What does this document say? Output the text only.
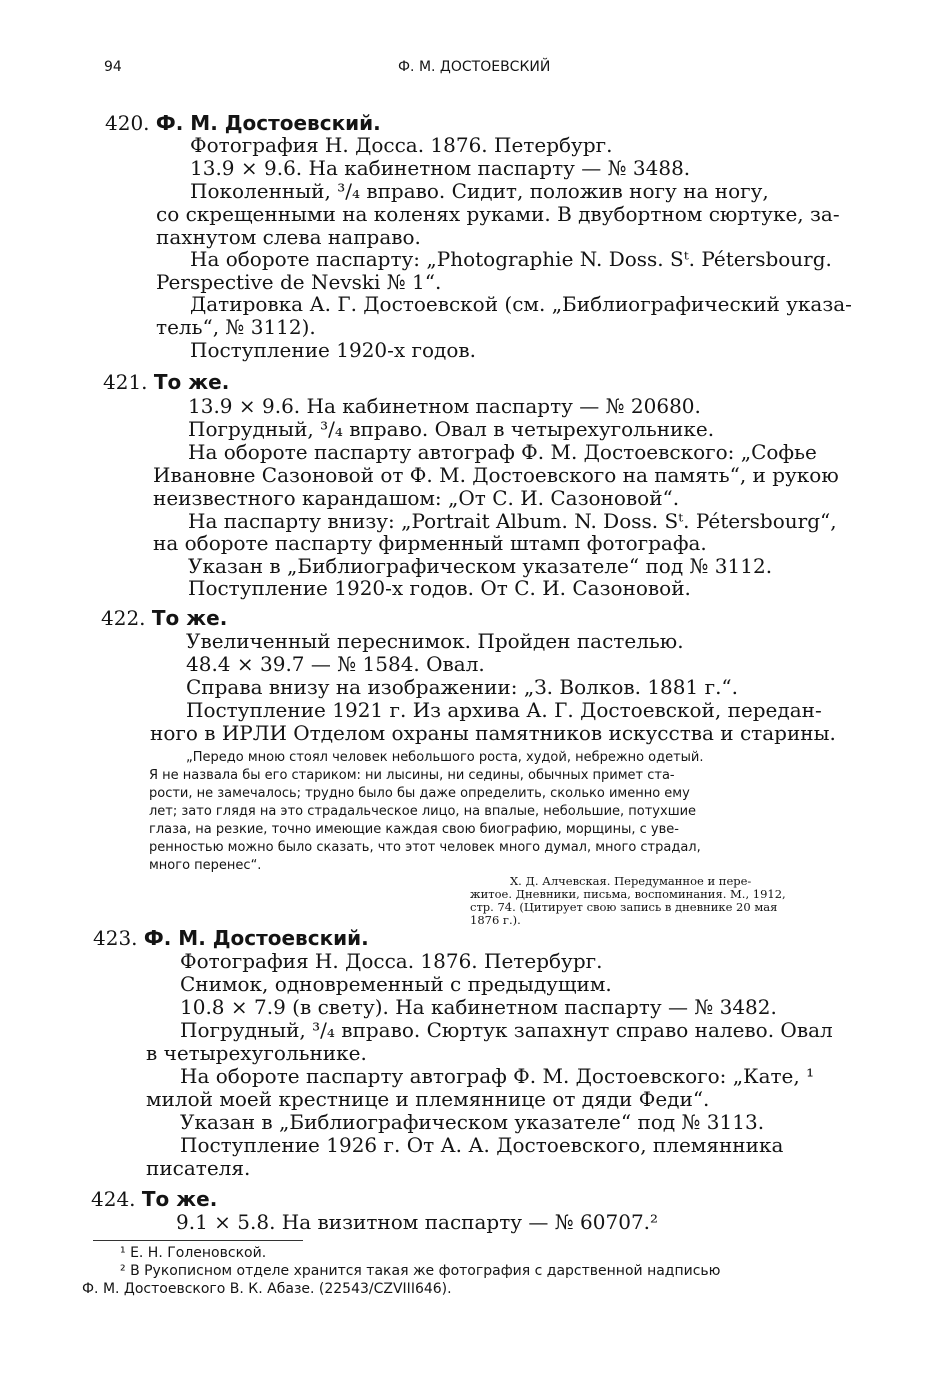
94	Ф. М. ДОСТОЕВСКИЙ
420. Ф. М. Достоевский.
Фотография Н. Досса. 1876. Петербург.
13.9 × 9.6. На кабинетном паспарту — № 3488.
Поколенный, ³/₄ вправо. Сидит, положив ногу на ногу,
со скрещенными на коленях руками. В двубортном сюртуке, за-
пахнутом слева направо.
На обороте паспарту: „Photographie N. Doss. Sᵗ. Pétersbourg.
Perspective de Nevski № 1“.
Датировка А. Г. Достоевской (см. „Библиографический указа-
тель“, № 3112).
Поступление 1920-х годов.
421. То же.
13.9 × 9.6. На кабинетном паспарту — № 20680.
Погрудный, ³/₄ вправо. Овал в четырехугольнике.
На обороте паспарту автограф Ф. М. Достоевского: „Софье
Ивановне Сазоновой от Ф. М. Достоевского на память“, и рукою
неизвестного карандашом: „От С. И. Сазоновой“.
На паспарту внизу: „Portrait Album. N. Doss. Sᵗ. Pétersbourg“,
на обороте паспарту фирменный штамп фотографа.
Указан в „Библиографическом указателе“ под № 3112.
Поступление 1920-х годов. От С. И. Сазоновой.
422. То же.
Увеличенный переснимок. Пройден пастелью.
48.4 × 39.7 — № 1584. Овал.
Справа внизу на изображении: „З. Волков. 1881 г.“.
Поступление 1921 г. Из архива А. Г. Достоевской, передан-
ного в ИРЛИ Отделом охраны памятников искусства и старины.
„Передо мною стоял человек небольшого роста, худой, небрежно одетый.
Я не назвала бы его стариком: ни лысины, ни седины, обычных примет ста-
рости, не замечалось; трудно было бы даже определить, сколько именно ему
лет; зато глядя на это страдальческое лицо, на впалые, небольшие, потухшие
глаза, на резкие, точно имеющие каждая свою биографию, морщины, с уве-
ренностью можно было сказать, что этот человек много думал, много страдал,
много перенес“.
Х. Д. Алчевская. Передуманное и пере-
житое. Дневники, письма, воспоминания. М., 1912,
стр. 74. (Цитирует свою запись в дневнике 20 мая
1876 г.).
423. Ф. М. Достоевский.
Фотография Н. Досса. 1876. Петербург.
Снимок, одновременный с предыдущим.
10.8 × 7.9 (в свету). На кабинетном паспарту — № 3482.
Погрудный, ³/₄ вправо. Сюртук запахнут справо налево. Овал
в четырехугольнике.
На обороте паспарту автограф Ф. М. Достоевского: „Кате, ¹
милой моей крестнице и племяннице от дяди Феди“.
Указан в „Библиографическом указателе“ под № 3113.
Поступление 1926 г. От А. А. Достоевского, племянника
писателя.
424. То же.
9.1 × 5.8. На визитном паспарту — № 60707.²
¹ Е. Н. Голеновской.
² В Рукописном отделе хранится такая же фотография с дарственной надписью
Ф. М. Достоевского В. К. Абазе. (22543/CZVIII646).
